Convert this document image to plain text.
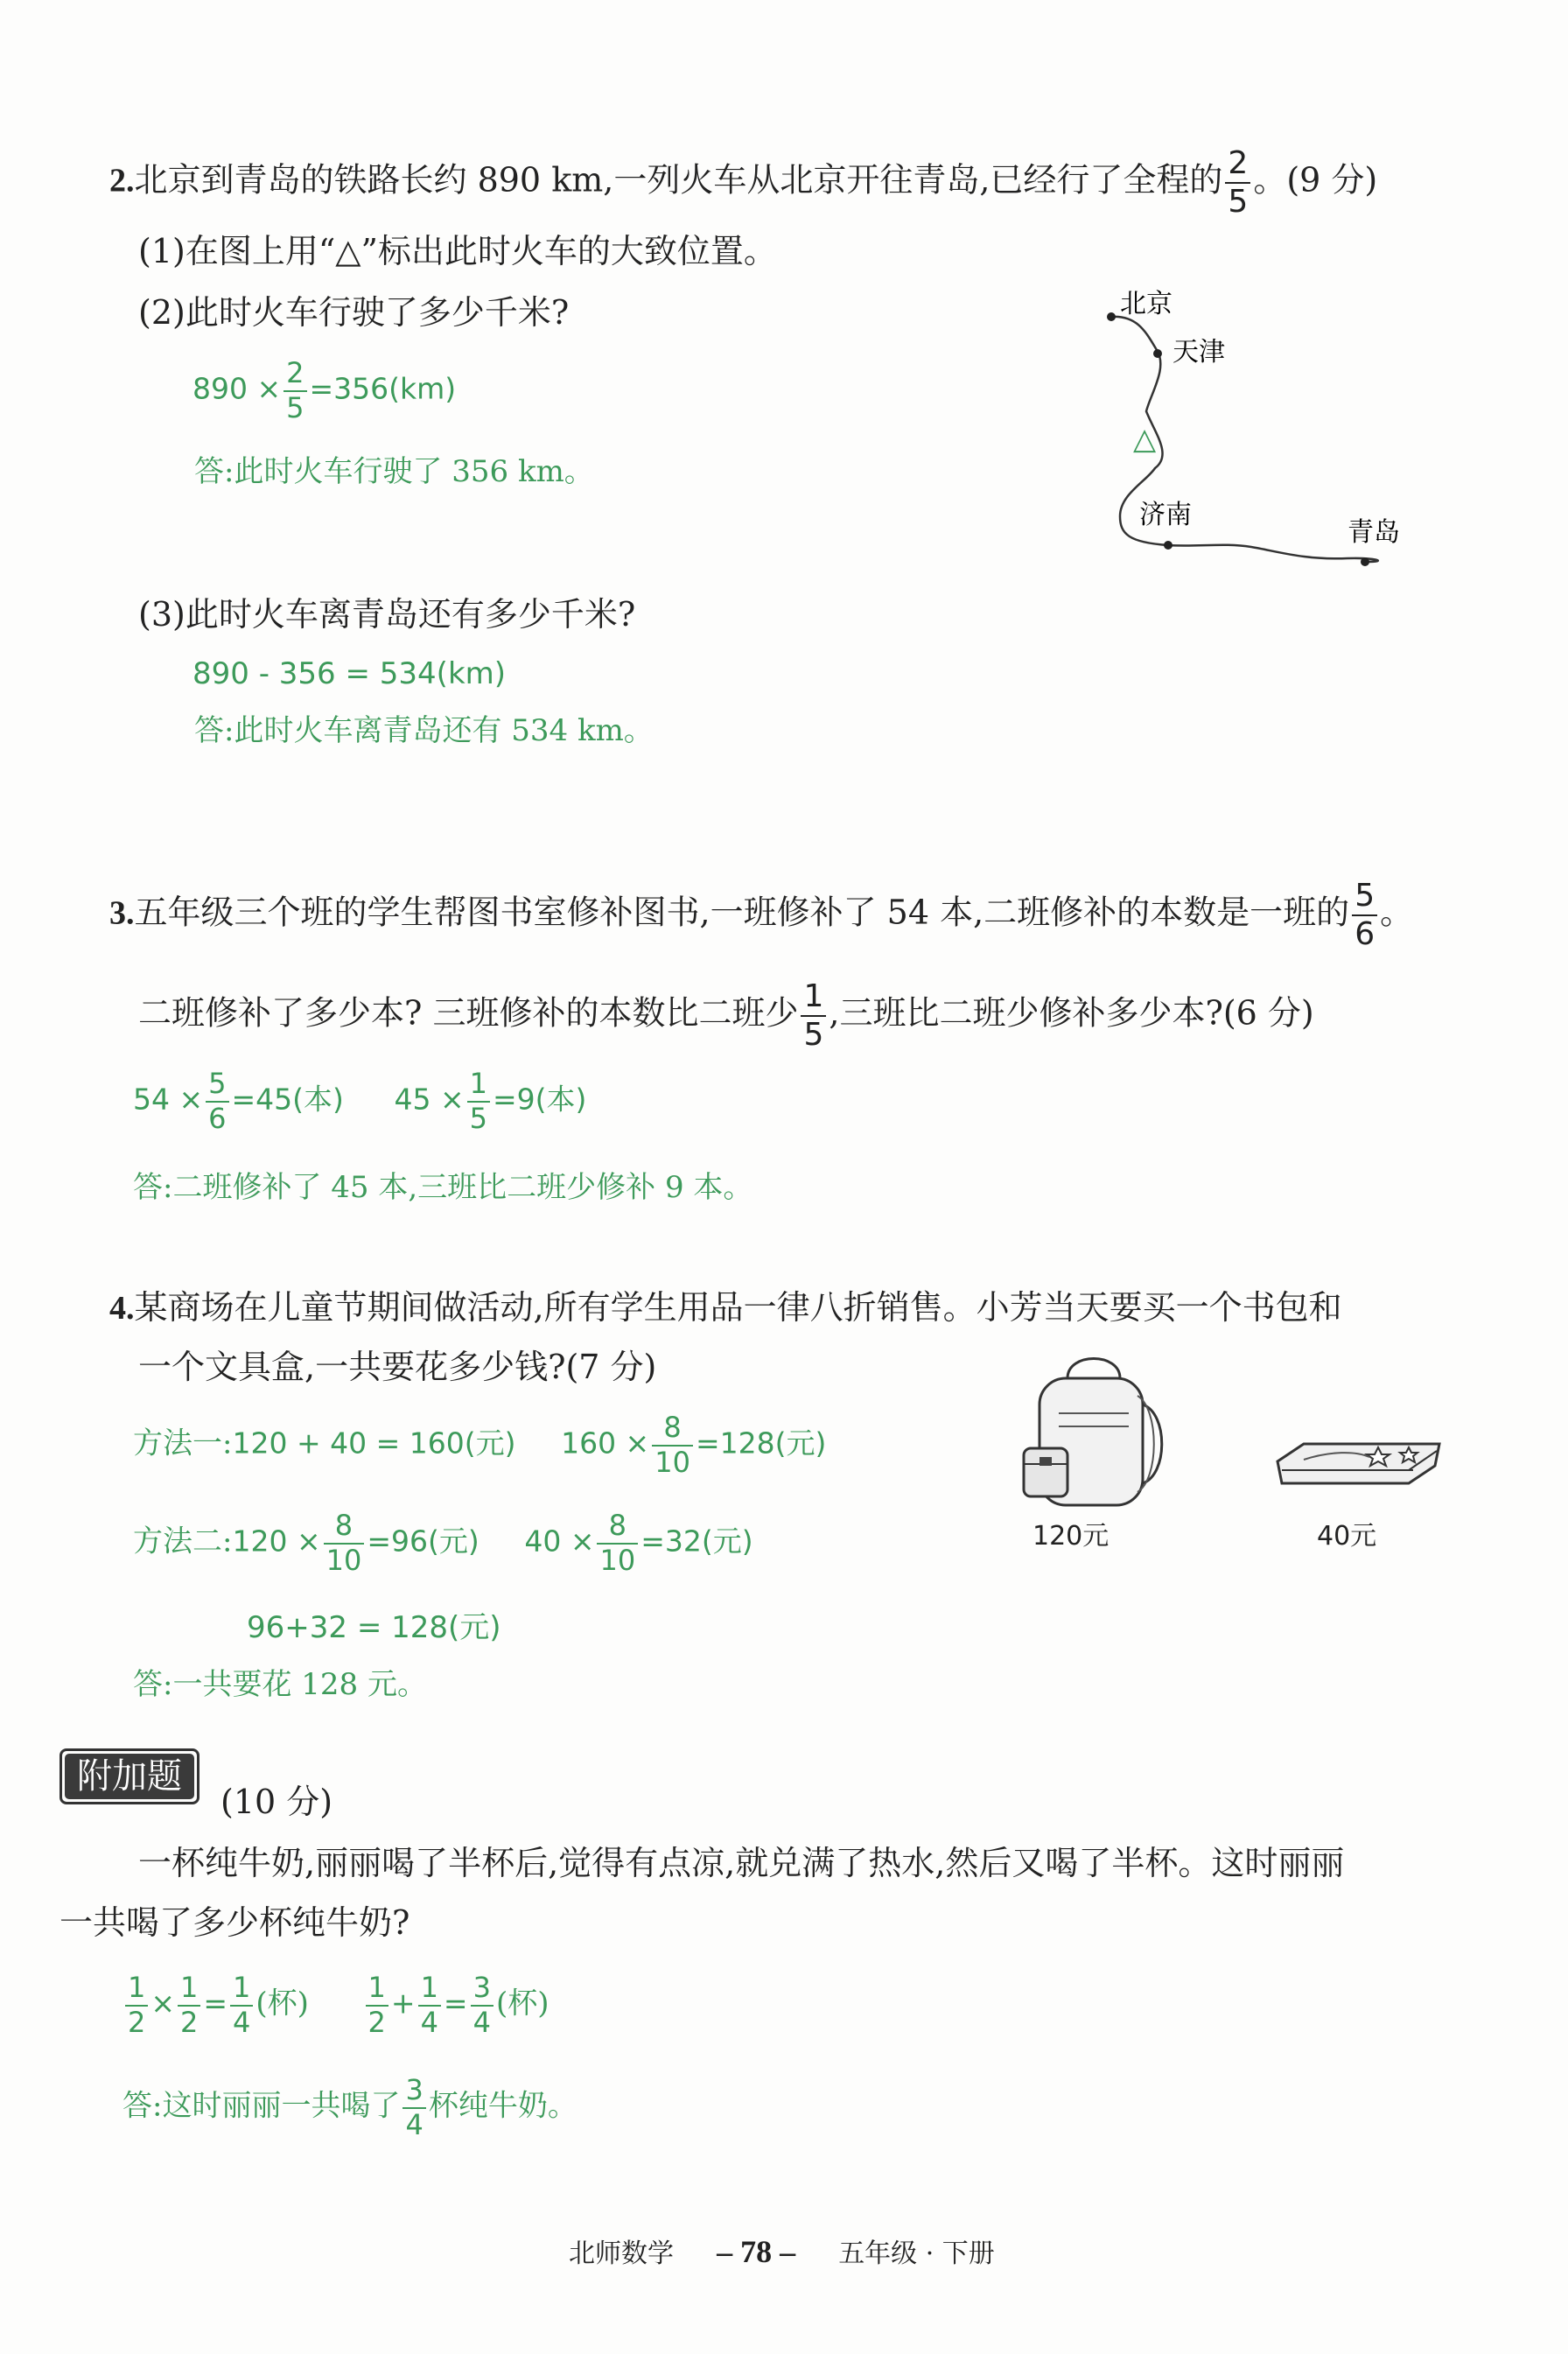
2.北京到青岛的铁路长约 890 km,一列火车从北京开往青岛,已经行了全程的 $\frac{2}{5}$ 。(9 分)
(1)在图上用“△”标出此时火车的大致位置。
(2)此时火车行驶了多少千米?
$890 \times \frac{2}{5} =356(km)$
答:此时火车行驶了 356 km。
(3)此时火车离青岛还有多少千米?
890 - 356 = 534(km)
答:此时火车离青岛还有 534 km。
北京
天津
济南
青岛
△
3.五年级三个班的学生帮图书室修补图书,一班修补了 54 本,二班修补的本数是一班的 $\frac{5}{6}$ 。
二班修补了多少本? 三班修补的本数比二班少 $\frac{1}{5}$ ,三班比二班少修补多少本?(6 分)
$54 \times \frac{5}{6} =45$(本) $45 \times \frac{1}{5} =9$(本)
答:二班修补了 45 本,三班比二班少修补 9 本。
4.某商场在儿童节期间做活动,所有学生用品一律八折销售。小芳当天要买一个书包和
一个文具盒,一共要花多少钱?(7 分)
方法一:120 + 40 = 160(元) $160 \times \frac{8}{10} =128$(元)
方法二:120 × $\frac{8}{10} =96$(元) $40 \times \frac{8}{10} =32$(元)
96+32 = 128(元)
答:一共要花 128 元。
120元	40元
附加题
(10 分)
一杯纯牛奶,丽丽喝了半杯后,觉得有点凉,就兑满了热水,然后又喝了半杯。这时丽丽
一共喝了多少杯纯牛奶?
$\frac{1}{2} \times \frac{1}{2} = \frac{1}{4}$ (杯) $\frac{1}{2} + \frac{1}{4} = \frac{3}{4}$ (杯)
答:这时丽丽一共喝了 $\frac{3}{4}$ 杯纯牛奶。
北师数学 – 78 – 五年级 · 下册
